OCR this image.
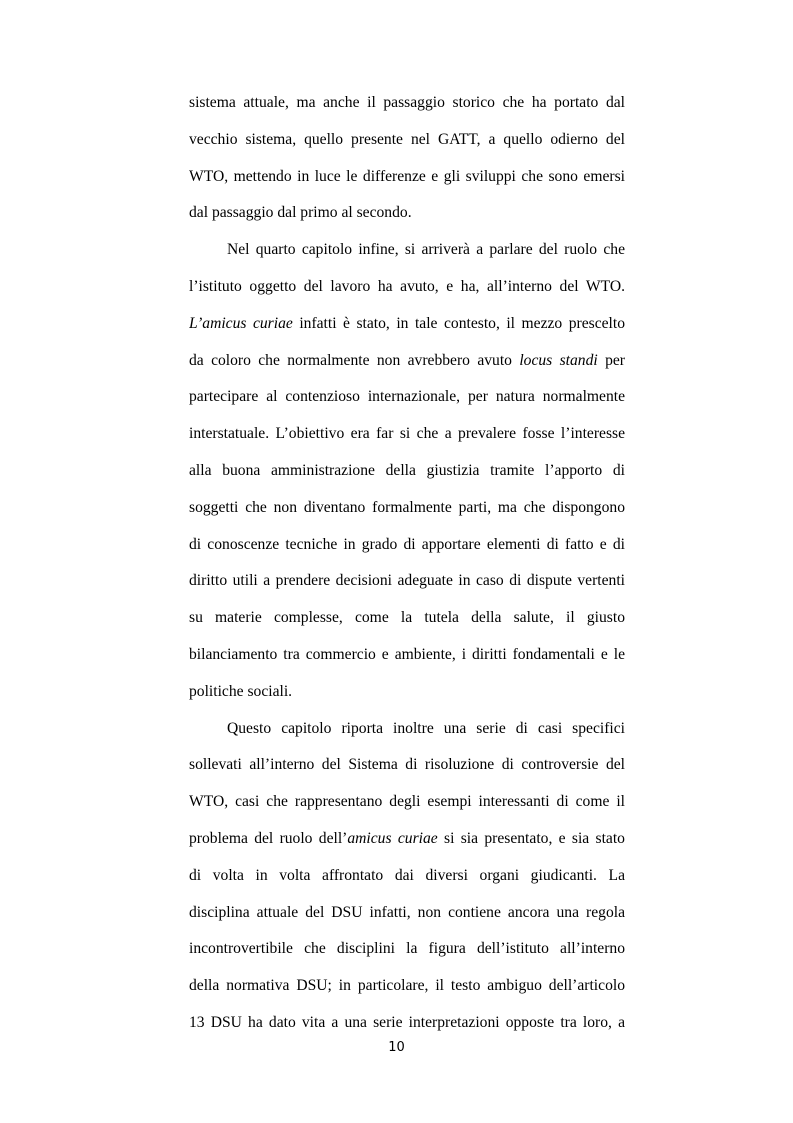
sistema attuale, ma anche il passaggio storico che ha portato dal
vecchio sistema, quello presente nel GATT, a quello odierno del
WTO, mettendo in luce le differenze e gli sviluppi che sono emersi
dal passaggio dal primo al secondo.
Nel quarto capitolo infine, si arriverà a parlare del ruolo che
l’istituto oggetto del lavoro ha avuto, e ha, all’interno del WTO.
L’amicus curiae infatti è stato, in tale contesto, il mezzo prescelto
da coloro che normalmente non avrebbero avuto locus standi per
partecipare al contenzioso internazionale, per natura normalmente
interstatuale. L’obiettivo era far si che a prevalere fosse l’interesse
alla buona amministrazione della giustizia tramite l’apporto di
soggetti che non diventano formalmente parti, ma che dispongono
di conoscenze tecniche in grado di apportare elementi di fatto e di
diritto utili a prendere decisioni adeguate in caso di dispute vertenti
su materie complesse, come la tutela della salute, il giusto
bilanciamento tra commercio e ambiente, i diritti fondamentali e le
politiche sociali.
Questo capitolo riporta inoltre una serie di casi specifici
sollevati all’interno del Sistema di risoluzione di controversie del
WTO, casi che rappresentano degli esempi interessanti di come il
problema del ruolo dell’amicus curiae si sia presentato, e sia stato
di volta in volta affrontato dai diversi organi giudicanti. La
disciplina attuale del DSU infatti, non contiene ancora una regola
incontrovertibile che disciplini la figura dell’istituto all’interno
della normativa DSU; in particolare, il testo ambiguo dell’articolo
13 DSU ha dato vita a una serie interpretazioni opposte tra loro, a
10
